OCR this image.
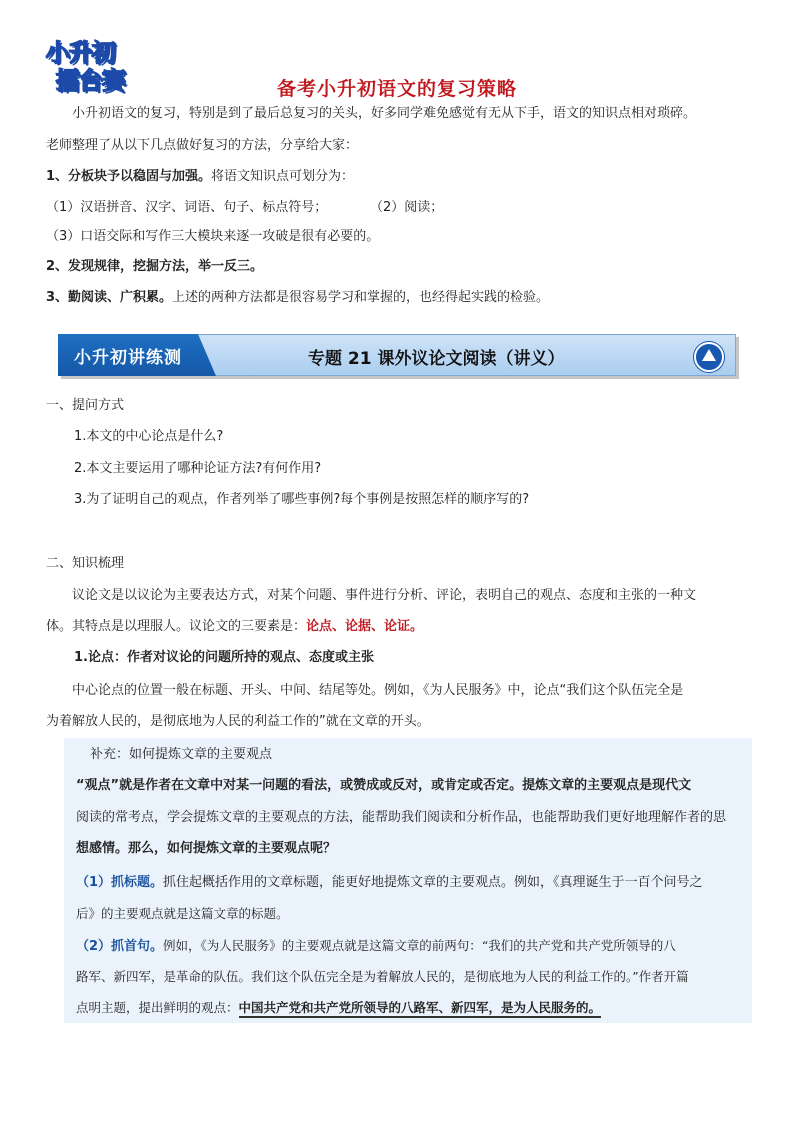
小升初
擂台赛	备考小升初语文的复习策略
小升初语文的复习，特别是到了最后总复习的关头，好多同学难免感觉有无从下手，语文的知识点相对琐碎。
老师整理了从以下几点做好复习的方法，分享给大家：
1、分板块予以稳固与加强。将语文知识点可划分为：
（1）汉语拼音、汉字、词语、句子、标点符号；	（2）阅读；
（3）口语交际和写作三大模块来逐一攻破是很有必要的。
2、发现规律，挖掘方法，举一反三。
3、勤阅读、广积累。上述的两种方法都是很容易学习和掌握的，也经得起实践的检验。
小升初讲练测	专题 21 课外议论文阅读（讲义）
一、提问方式
1.本文的中心论点是什么?
2.本文主要运用了哪种论证方法?有何作用?
3.为了证明自己的观点，作者列举了哪些事例?每个事例是按照怎样的顺序写的?
二、知识梳理
议论文是以议论为主要表达方式，对某个问题、事件进行分析、评论，表明自己的观点、态度和主张的一种文
体。其特点是以理服人。议论文的三要素是：论点、论据、论证。
1.论点：作者对议论的问题所持的观点、态度或主张
中心论点的位置一般在标题、开头、中间、结尾等处。例如，《为人民服务》中，论点“我们这个队伍完全是
为着解放人民的，是彻底地为人民的利益工作的”就在文章的开头。
补充：如何提炼文章的主要观点
“观点”就是作者在文章中对某一问题的看法，或赞成或反对，或肯定或否定。提炼文章的主要观点是现代文
阅读的常考点，学会提炼文章的主要观点的方法，能帮助我们阅读和分析作品，也能帮助我们更好地理解作者的思
想感情。那么，如何提炼文章的主要观点呢？
（1）抓标题。抓住起概括作用的文章标题，能更好地提炼文章的主要观点。例如，《真理诞生于一百个问号之
后》的主要观点就是这篇文章的标题。
（2）抓首句。例如，《为人民服务》的主要观点就是这篇文章的前两句：“我们的共产党和共产党所领导的八
路军、新四军，是革命的队伍。我们这个队伍完全是为着解放人民的，是彻底地为人民的利益工作的。”作者开篇
点明主题，提出鲜明的观点：中国共产党和共产党所领导的八路军、新四军，是为人民服务的。
